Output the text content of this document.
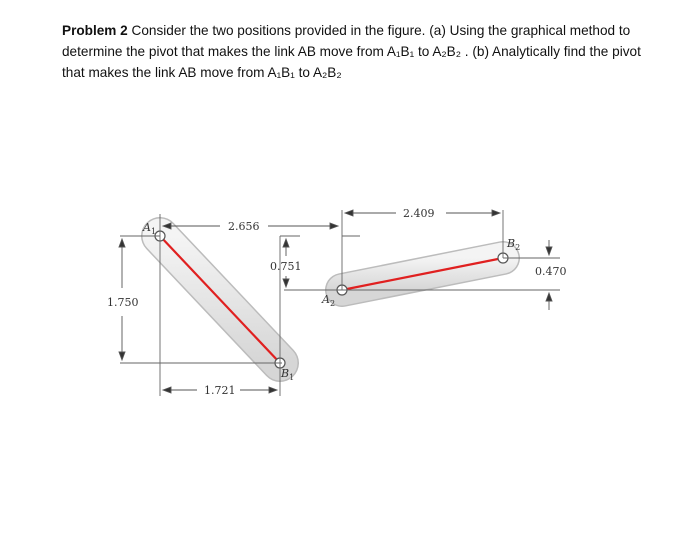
Problem 2 Consider the two positions provided in the figure. (a) Using the graphical method to determine the pivot that makes the link AB move from A₁B₁ to A₂B₂ . (b) Analytically find the pivot that makes the link AB move from A₁B₁ to A₂B₂
2.656
1.750
1.721
0.751
2.409
0.470
$A_1$
$B_1$
$A_2$
$B_2$
